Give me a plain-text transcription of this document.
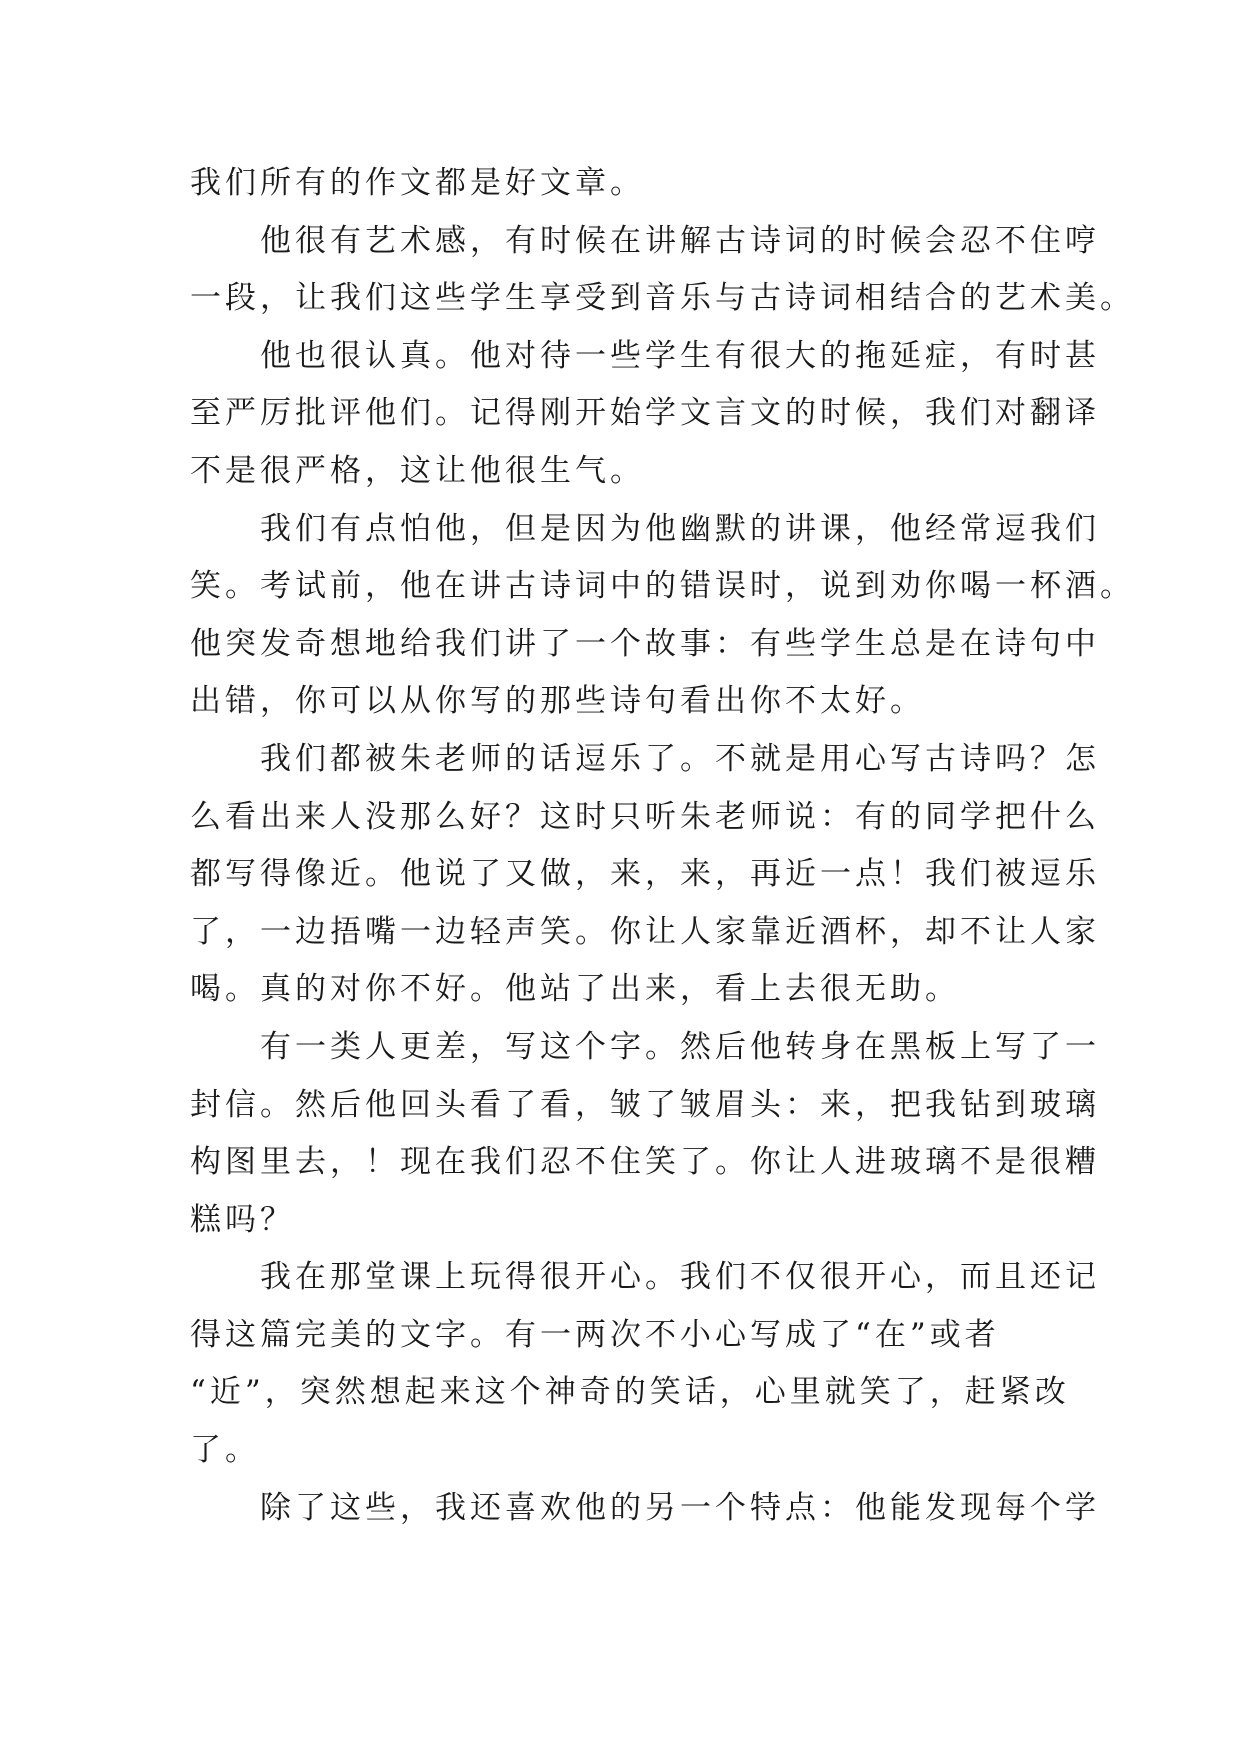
我们所有的作文都是好文章。
他很有艺术感，有时候在讲解古诗词的时候会忍不住哼
一段，让我们这些学生享受到音乐与古诗词相结合的艺术美。
他也很认真。他对待一些学生有很大的拖延症，有时甚
至严厉批评他们。记得刚开始学文言文的时候，我们对翻译
不是很严格，这让他很生气。
我们有点怕他，但是因为他幽默的讲课，他经常逗我们
笑。考试前，他在讲古诗词中的错误时，说到劝你喝一杯酒。
他突发奇想地给我们讲了一个故事：有些学生总是在诗句中
出错，你可以从你写的那些诗句看出你不太好。
我们都被朱老师的话逗乐了。不就是用心写古诗吗？怎
么看出来人没那么好？这时只听朱老师说：有的同学把什么
都写得像近。他说了又做，来，来，再近一点！我们被逗乐
了，一边捂嘴一边轻声笑。你让人家靠近酒杯，却不让人家
喝。真的对你不好。他站了出来，看上去很无助。
有一类人更差，写这个字。然后他转身在黑板上写了一
封信。然后他回头看了看，皱了皱眉头：来，把我钻到玻璃
构图里去，！现在我们忍不住笑了。你让人进玻璃不是很糟
糕吗？
我在那堂课上玩得很开心。我们不仅很开心，而且还记
得这篇完美的文字。有一两次不小心写成了“在”或者
“近”，突然想起来这个神奇的笑话，心里就笑了，赶紧改
了。
除了这些，我还喜欢他的另一个特点：他能发现每个学
